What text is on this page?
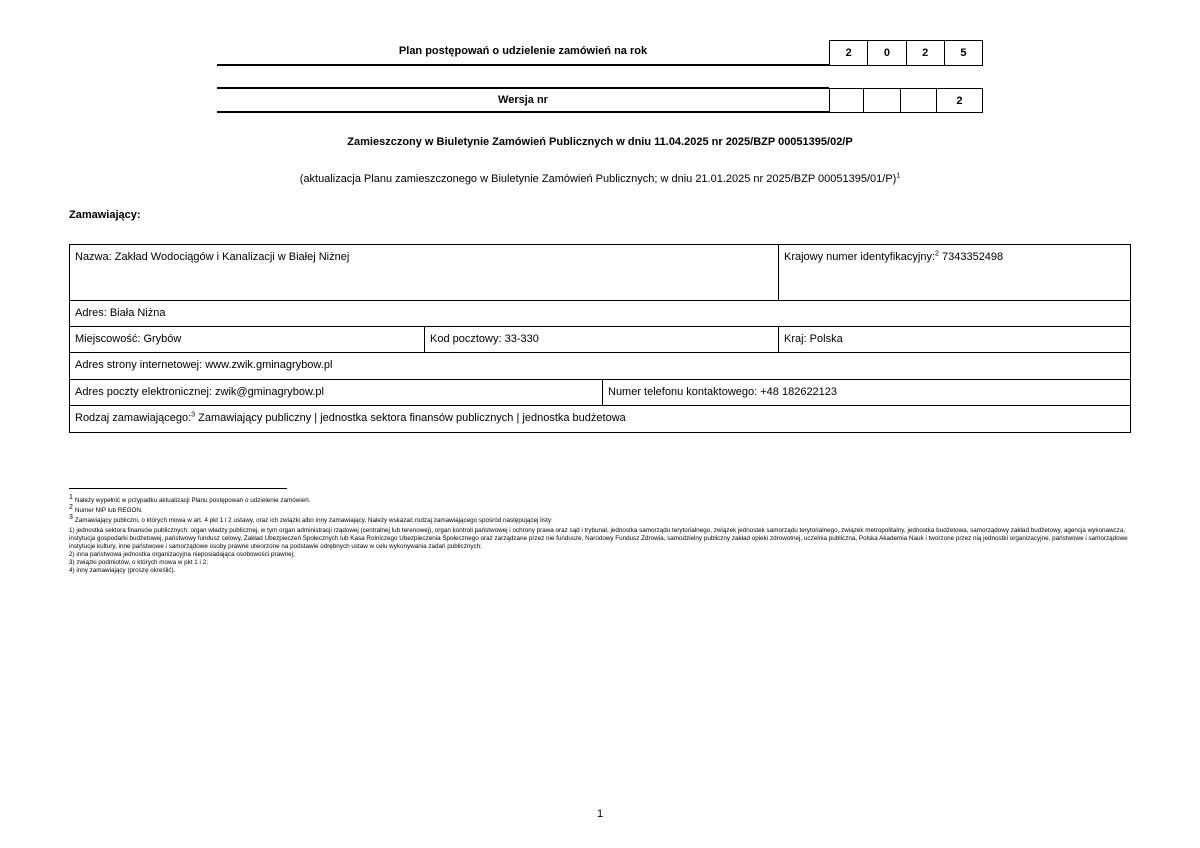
Plan postępowań o udzielenie zamówień na rok	2	0	2	5
Wersja nr	2
Zamieszczony w Biuletynie Zamówień Publicznych w dniu 11.04.2025 nr 2025/BZP 00051395/02/P
(aktualizacja Planu zamieszczonego w Biuletynie Zamówień Publicznych; w dniu 21.01.2025 nr 2025/BZP 00051395/01/P)$^1$
Zamawiający:
Nazwa: Zakład Wodociągów i Kanalizacji w Białej Niżnej	Krajowy numer identyfikacyjny:$^2$ 7343352498
Adres: Biała Niżna
Miejscowość: Grybów	Kod pocztowy: 33-330	Kraj: Polska
Adres strony internetowej: www.zwik.gminagrybow.pl
Adres poczty elektronicznej: zwik@gminagrybow.pl	Numer telefonu kontaktowego: +48 182622123
Rodzaj zamawiającego:$^3$ Zamawiający publiczny | jednostka sektora finansów publicznych | jednostka budżetowa

1 Należy wypełnić w przypadku aktualizacji Planu postępowań o udzielenie zamówień.

2 Numer NIP lub REGON.

3 Zamawiający publiczni, o których mowa w art. 4 pkt 1 i 2 ustawy, oraz ich związki albo inny zamawiający. Należy wskazać rodzaj zamawiającego spośród następującej listy:

1) jednostka sektora finansów publicznych: organ władzy publicznej, w tym organ administracji rządowej (centralnej lub terenowej), organ kontroli państwowej i ochrony prawa oraz sąd i trybunał, jednostka samorządu terytorialnego, związek jednostek samorządu terytorialnego, związek metropolitalny, jednostka budżetowa, samorządowy zakład budżetowy, agencja wykonawcza, instytucja gospodarki budżetowej, państwowy fundusz celowy, Zakład Ubezpieczeń Społecznych lub Kasa Rolniczego Ubezpieczenia Społecznego oraz zarządzane przez nie fundusze, Narodowy Fundusz Zdrowia, samodzielny publiczny zakład opieki zdrowotnej, uczelnia publiczna, Polska Akademia Nauk i tworzone przez nią jednostki organizacyjne, państwowe i samorządowe instytucje kultury, inne państwowe i samorządowe osoby prawne utworzone na podstawie odrębnych ustaw w celu wykonywania zadań publicznych;

2) inna państwowa jednostka organizacyjna nieposiadająca osobowości prawnej;

3) związki podmiotów, o których mowa w pkt 1 i 2;

4) inny zamawiający (proszę określić).

1
